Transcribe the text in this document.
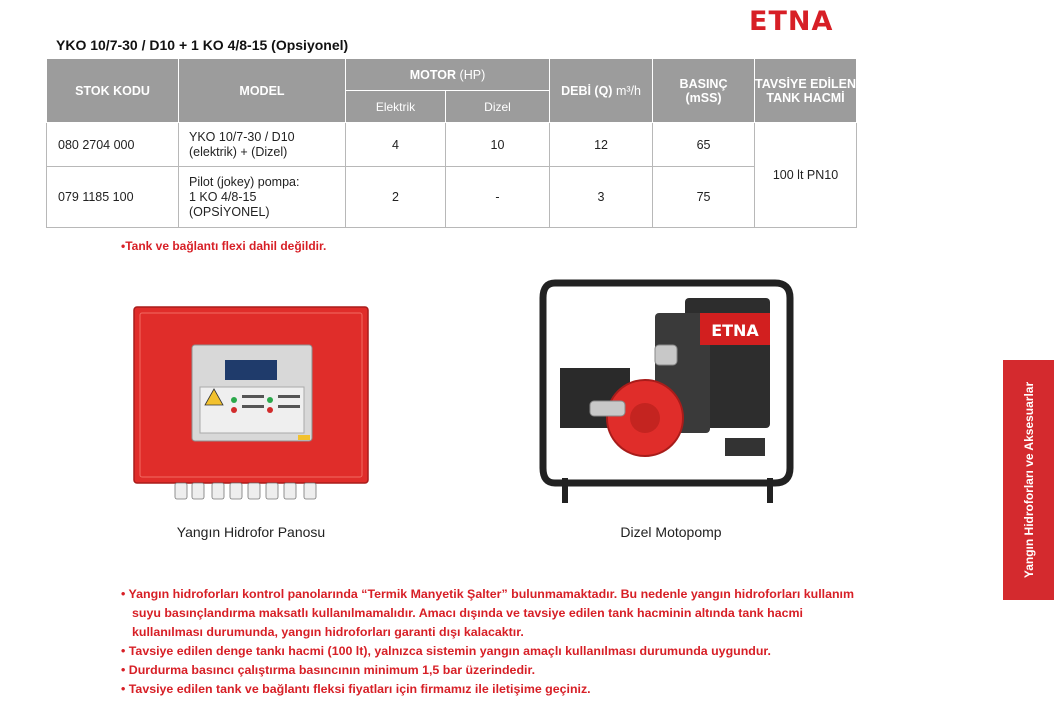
ETNA
YKO 10/7-30 / D10 + 1 KO 4/8-15 (Opsiyonel)
STOK KODU	MODEL	MOTOR (HP)		DEBİ (Q) m³/h	BASINÇ
(mSS)	TAVSİYE EDİLEN
TANK HACMİ
		Elektrik	Dizel			
080 2704 000	YKO 10/7-30 / D10
(elektrik) + (Dizel)	4	10	12	65	100 lt PN10
079 1185 100	Pilot (jokey) pompa:
1 KO 4/8-15
(OPSİYONEL)	2	-	3	75	
•Tank ve bağlantı flexi dahil değildir.
Yangın Hidrofor Panosu
ETNA
Dizel Motopomp	Yangın Hidroforları ve Aksesuarlar
• Yangın hidroforları kontrol panolarında “Termik Manyetik Şalter” bulunmamaktadır. Bu nedenle yangın hidroforları kullanım suyu basınçlandırma maksatlı kullanılmamalıdır. Amacı dışında ve tavsiye edilen tank hacminin altında tank hacmi kullanılması durumunda, yangın hidroforları garanti dışı kalacaktır.
• Tavsiye edilen denge tankı hacmi (100 lt), yalnızca sistemin yangın amaçlı kullanılması durumunda uygundur.
• Durdurma basıncı çalıştırma basıncının minimum 1,5 bar üzerindedir.
• Tavsiye edilen tank ve bağlantı fleksi fiyatları için firmamız ile iletişime geçiniz.
